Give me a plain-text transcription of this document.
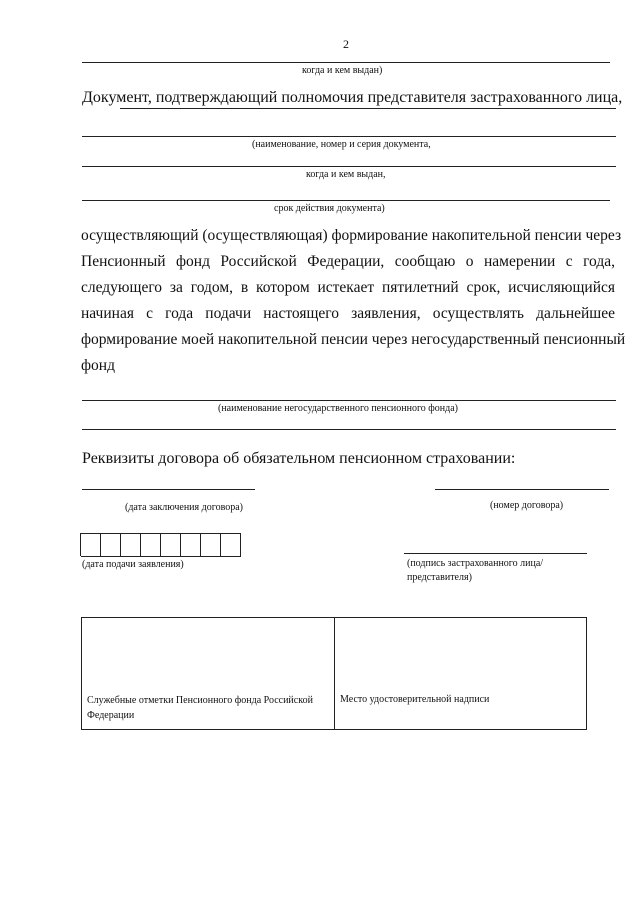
2
когда и кем выдан)
Документ, подтверждающий полномочия представителя застрахованного лица,
(наименование, номер и серия документа,
когда и кем выдан,
срок действия документа)
осуществляющий (осуществляющая) формирование накопительной пенсии через
Пенсионный фонд Российской Федерации, сообщаю о намерении с года,
следующего за годом, в котором истекает пятилетний срок, исчисляющийся
начиная с года подачи настоящего заявления, осуществлять дальнейшее
формирование моей накопительной пенсии через негосударственный пенсионный
фонд
(наименование негосударственного пенсионного фонда)
Реквизиты договора об обязательном пенсионном страховании:
(дата заключения договора)	(номер договора)
(дата подачи заявления)	(подпись застрахованного лица/
представителя)
Служебные отметки Пенсионного фонда Российской Федерации
Место удостоверительной надписи
